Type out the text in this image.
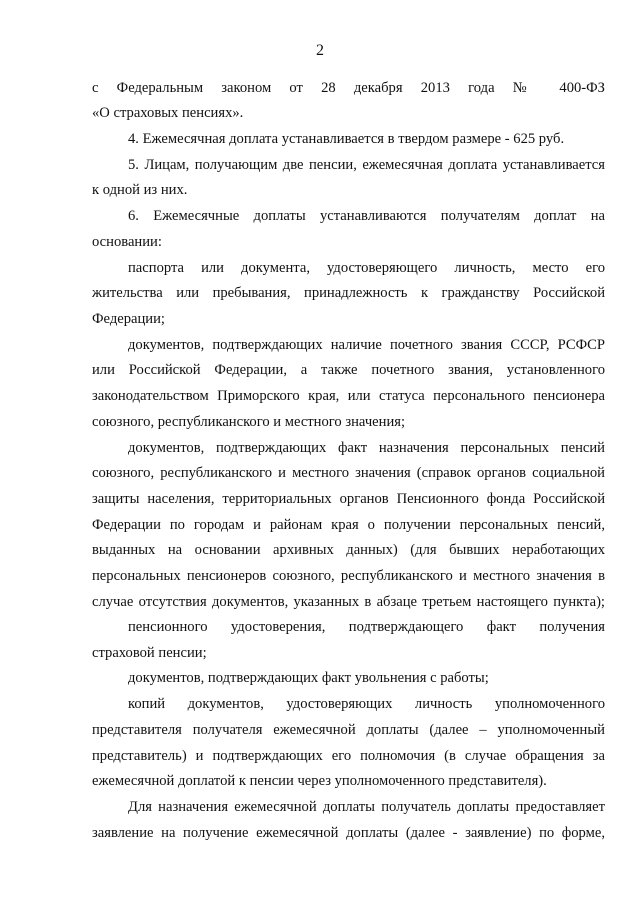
2
с Федеральным законом от 28 декабря 2013 года № 400-ФЗ
«О страховых пенсиях».
4. Ежемесячная доплата устанавливается в твердом размере - 625 руб.
5. Лицам, получающим две пенсии, ежемесячная доплата устанавливается
к одной из них.
6. Ежемесячные доплаты устанавливаются получателям доплат на
основании:
паспорта или документа, удостоверяющего личность, место его
жительства или пребывания, принадлежность к гражданству Российской
Федерации;
документов, подтверждающих наличие почетного звания СССР, РСФСР
или Российской Федерации, а также почетного звания, установленного
законодательством Приморского края, или статуса персонального пенсионера
союзного, республиканского и местного значения;
документов, подтверждающих факт назначения персональных пенсий
союзного, республиканского и местного значения (справок органов социальной
защиты населения, территориальных органов Пенсионного фонда Российской
Федерации по городам и районам края о получении персональных пенсий,
выданных на основании архивных данных) (для бывших неработающих
персональных пенсионеров союзного, республиканского и местного значения в
случае отсутствия документов, указанных в абзаце третьем настоящего пункта);
пенсионного удостоверения, подтверждающего факт получения
страховой пенсии;
документов, подтверждающих факт увольнения с работы;
копий документов, удостоверяющих личность уполномоченного
представителя получателя ежемесячной доплаты (далее – уполномоченный
представитель) и подтверждающих его полномочия (в случае обращения за
ежемесячной доплатой к пенсии через уполномоченного представителя).
Для назначения ежемесячной доплаты получатель доплаты предоставляет
заявление на получение ежемесячной доплаты (далее - заявление) по форме,
